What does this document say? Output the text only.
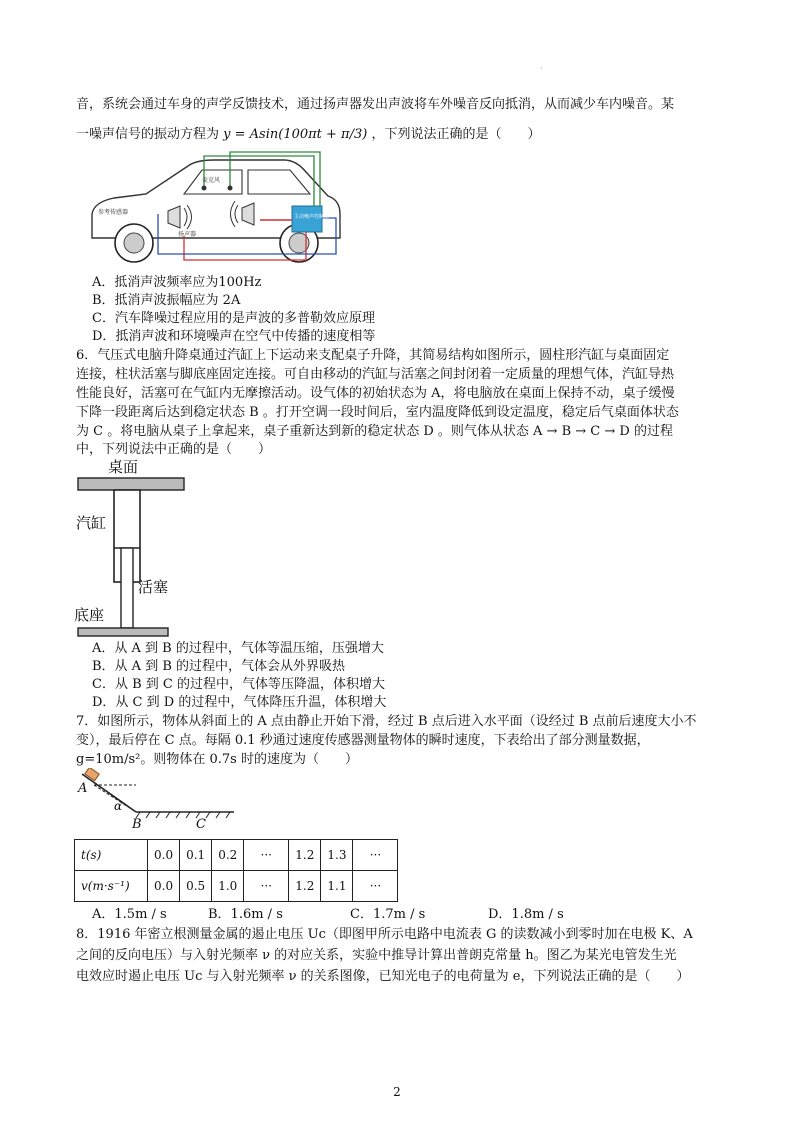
·
音，系统会通过车身的声学反馈技术，通过扬声器发出声波将车外噪音反向抵消，从而减少车内噪音。某
一噪声信号的振动方程为 y = Asin(100πt + π/3) ，下列说法正确的是（　　）
参考传感器
扬声器
麦克风
主动噪声控制器
A．抵消声波频率应为100Hz
B．抵消声波振幅应为 2A
C．汽车降噪过程应用的是声波的多普勒效应原理
D．抵消声波和环境噪声在空气中传播的速度相等
6．气压式电脑升降桌通过汽缸上下运动来支配桌子升降，其简易结构如图所示，圆柱形汽缸与桌面固定
连接，柱状活塞与脚底座固定连接。可自由移动的汽缸与活塞之间封闭着一定质量的理想气体，汽缸导热
性能良好，活塞可在气缸内无摩擦活动。设气体的初始状态为 A，将电脑放在桌面上保持不动，桌子缓慢
下降一段距离后达到稳定状态 B 。打开空调一段时间后，室内温度降低到设定温度，稳定后气桌面体状态
为 C 。将电脑从桌子上拿起来，桌子重新达到新的稳定状态 D 。则气体从状态 A → B → C → D 的过程
中，下列说法中正确的是（　　）
桌面
汽缸
活塞
底座
A．从 A 到 B 的过程中，气体等温压缩，压强增大
B．从 A 到 B 的过程中，气体会从外界吸热
C．从 B 到 C 的过程中，气体等压降温，体积增大
D．从 C 到 D 的过程中，气体降压升温，体积增大
7．如图所示，物体从斜面上的 A 点由静止开始下滑，经过 B 点后进入水平面（设经过 B 点前后速度大小不
变），最后停在 C 点。每隔 0.1 秒通过速度传感器测量物体的瞬时速度，下表给出了部分测量数据，
g=10m/s²。则物体在 0.7s 时的速度为（　　）
A
α
B	C
t(s)	0.0	0.1	0.2	···	1.2	1.3	···
v(m·s⁻¹)	0.0	0.5	1.0	···	1.2	1.1	···
A．1.5m / s	B．1.6m / s	C．1.7m / s	D．1.8m / s
8．1916 年密立根测量金属的遏止电压 Uc（即图甲所示电路中电流表 G 的读数减小到零时加在电极 K、A
之间的反向电压）与入射光频率 ν 的对应关系，实验中推导计算出普朗克常量 h。图乙为某光电管发生光
电效应时遏止电压 Uc 与入射光频率 ν 的关系图像，已知光电子的电荷量为 e，下列说法正确的是（　　）
2
